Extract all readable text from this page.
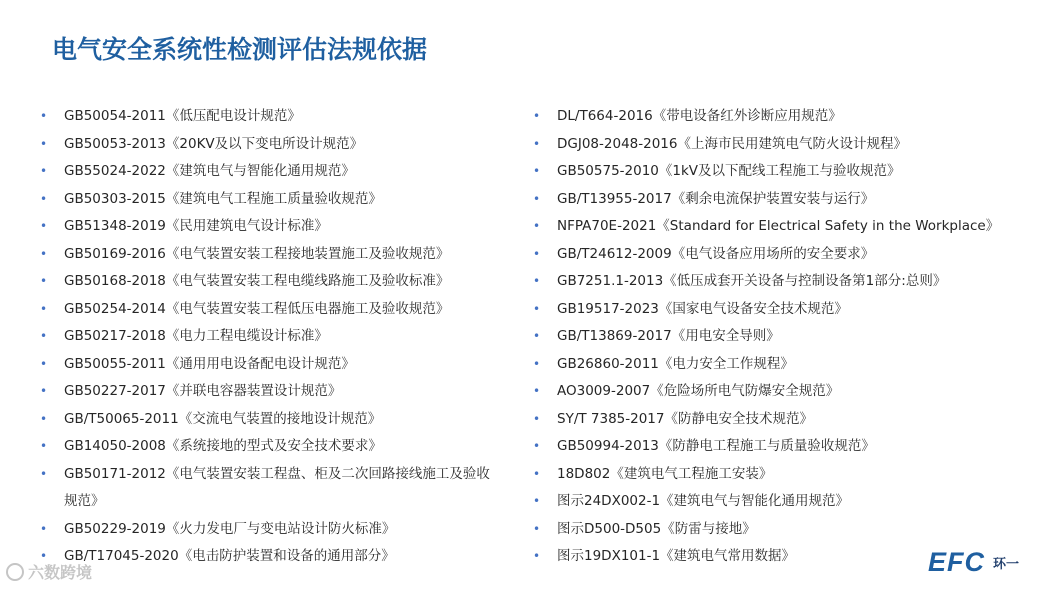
电气安全系统性检测评估法规依据
• GB50054-2011《低压配电设计规范》
• GB50053-2013《20KV及以下变电所设计规范》
• GB55024-2022《建筑电气与智能化通用规范》
• GB50303-2015《建筑电气工程施工质量验收规范》
• GB51348-2019《民用建筑电气设计标准》
• GB50169-2016《电气装置安装工程接地装置施工及验收规范》
• GB50168-2018《电气装置安装工程电缆线路施工及验收标准》
• GB50254-2014《电气装置安装工程低压电器施工及验收规范》
• GB50217-2018《电力工程电缆设计标准》
• GB50055-2011《通用用电设备配电设计规范》
• GB50227-2017《并联电容器装置设计规范》
• GB/T50065-2011《交流电气装置的接地设计规范》
• GB14050-2008《系统接地的型式及安全技术要求》
• GB50171-2012《电气装置安装工程盘、柜及二次回路接线施工及验收规范》
• GB50229-2019《火力发电厂与变电站设计防火标准》
• GB/T17045-2020《电击防护装置和设备的通用部分》
• DL/T664-2016《带电设备红外诊断应用规范》
• DGJ08-2048-2016《上海市民用建筑电气防火设计规程》
• GB50575-2010《1kV及以下配线工程施工与验收规范》
• GB/T13955-2017《剩余电流保护装置安装与运行》
• NFPA70E-2021《Standard for Electrical Safety in the Workplace》
• GB/T24612-2009《电气设备应用场所的安全要求》
• GB7251.1-2013《低压成套开关设备与控制设备第1部分:总则》
• GB19517-2023《国家电气设备安全技术规范》
• GB/T13869-2017《用电安全导则》
• GB26860-2011《电力安全工作规程》
• AO3009-2007《危险场所电气防爆安全规范》
• SY/T 7385-2017《防静电安全技术规范》
• GB50994-2013《防静电工程施工与质量验收规范》
• 18D802《建筑电气工程施工安装》
• 图示24DX002-1《建筑电气与智能化通用规范》
• 图示D500-D505《防雷与接地》
• 图示19DX101-1《建筑电气常用数据》	EFC 环一
六数跨境
